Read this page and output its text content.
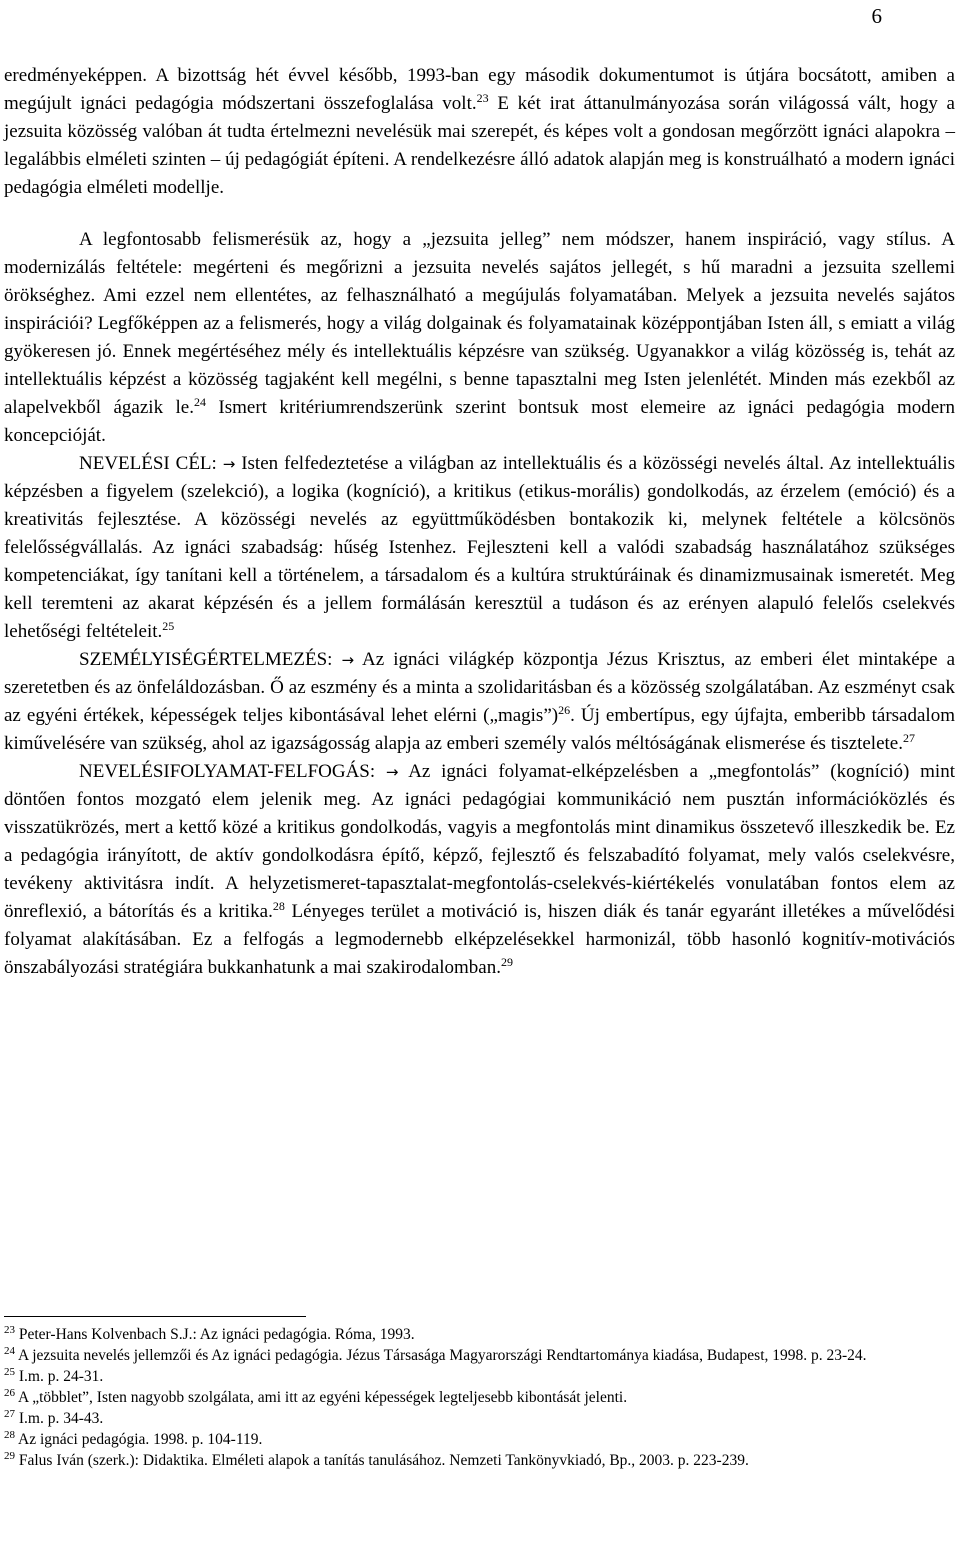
6

eredményeképpen. A bizottság hét évvel később, 1993-ban egy második dokumentumot is útjára bocsátott, amiben a megújult ignáci pedagógia módszertani összefoglalása volt.$^{23}$ E két irat áttanulmányozása során világossá vált, hogy a jezsuita közösség valóban át tudta értelmezni nevelésük mai szerepét, és képes volt a gondosan megőrzött ignáci alapokra – legalábbis elméleti szinten – új pedagógiát építeni. A rendelkezésre álló adatok alapján meg is konstruálható a modern ignáci pedagógia elméleti modellje.

A legfontosabb felismerésük az, hogy a „jezsuita jelleg” nem módszer, hanem inspiráció, vagy stílus. A modernizálás feltétele: megérteni és megőrizni a jezsuita nevelés sajátos jellegét, s hű maradni a jezsuita szellemi örökséghez. Ami ezzel nem ellentétes, az felhasználható a megújulás folyamatában. Melyek a jezsuita nevelés sajátos inspirációi? Legfőképpen az a felismerés, hogy a világ dolgainak és folyamatainak középpontjában Isten áll, s emiatt a világ gyökeresen jó. Ennek megértéséhez mély és intellektuális képzésre van szükség. Ugyanakkor a világ közösség is, tehát az intellektuális képzést a közösség tagjaként kell megélni, s benne tapasztalni meg Isten jelenlétét. Minden más ezekből az alapelvekből ágazik le.$^{24}$ Ismert kritériumrendszerünk szerint bontsuk most elemeire az ignáci pedagógia modern koncepcióját.

NEVELÉSI CÉL: → Isten felfedeztetése a világban az intellektuális és a közösségi nevelés által. Az intellektuális képzésben a figyelem (szelekció), a logika (kogníció), a kritikus (etikus-morális) gondolkodás, az érzelem (emóció) és a kreativitás fejlesztése. A közösségi nevelés az együttműködésben bontakozik ki, melynek feltétele a kölcsönös felelősségvállalás. Az ignáci szabadság: hűség Istenhez. Fejleszteni kell a valódi szabadság használatához szükséges kompetenciákat, így tanítani kell a történelem, a társadalom és a kultúra struktúráinak és dinamizmusainak ismeretét. Meg kell teremteni az akarat képzésén és a jellem formálásán keresztül a tudáson és az erényen alapuló felelős cselekvés lehetőségi feltételeit.$^{25}$

SZEMÉLYISÉGÉRTELMEZÉS: → Az ignáci világkép központja Jézus Krisztus, az emberi élet mintaképe a szeretetben és az önfeláldozásban. Ő az eszmény és a minta a szolidaritásban és a közösség szolgálatában. Az eszményt csak az egyéni értékek, képességek teljes kibontásával lehet elérni („magis”)$^{26}$. Új embertípus, egy újfajta, emberibb társadalom kiművelésére van szükség, ahol az igazságosság alapja az emberi személy valós méltóságának elismerése és tisztelete.$^{27}$

NEVELÉSIFOLYAMAT-FELFOGÁS: → Az ignáci folyamat-elképzelésben a „megfontolás” (kogníció) mint döntően fontos mozgató elem jelenik meg. Az ignáci pedagógiai kommunikáció nem pusztán információközlés és visszatükrözés, mert a kettő közé a kritikus gondolkodás, vagyis a megfontolás mint dinamikus összetevő illeszkedik be. Ez a pedagógia irányított, de aktív gondolkodásra építő, képző, fejlesztő és felszabadító folyamat, mely valós cselekvésre, tevékeny aktivitásra indít. A helyzetismeret-tapasztalat-megfontolás-cselekvés-kiértékelés vonulatában fontos elem az önreflexió, a bátorítás és a kritika.$^{28}$ Lényeges terület a motiváció is, hiszen diák és tanár egyaránt illetékes a művelődési folyamat alakításában. Ez a felfogás a legmodernebb elképzelésekkel harmonizál, több hasonló kognitív-motivációs önszabályozási stratégiára bukkanhatunk a mai szakirodalomban.$^{29}$

$^{23}$ Peter-Hans Kolvenbach S.J.: Az ignáci pedagógia. Róma, 1993.

$^{24}$ A jezsuita nevelés jellemzői és Az ignáci pedagógia. Jézus Társasága Magyarországi Rendtartománya kiadása, Budapest, 1998. p. 23-24.

$^{25}$ I.m. p. 24-31.

$^{26}$ A „többlet”, Isten nagyobb szolgálata, ami itt az egyéni képességek legteljesebb kibontását jelenti.

$^{27}$ I.m. p. 34-43.

$^{28}$ Az ignáci pedagógia. 1998. p. 104-119.

$^{29}$ Falus Iván (szerk.): Didaktika. Elméleti alapok a tanítás tanulásához. Nemzeti Tankönyvkiadó, Bp., 2003. p. 223-239.
